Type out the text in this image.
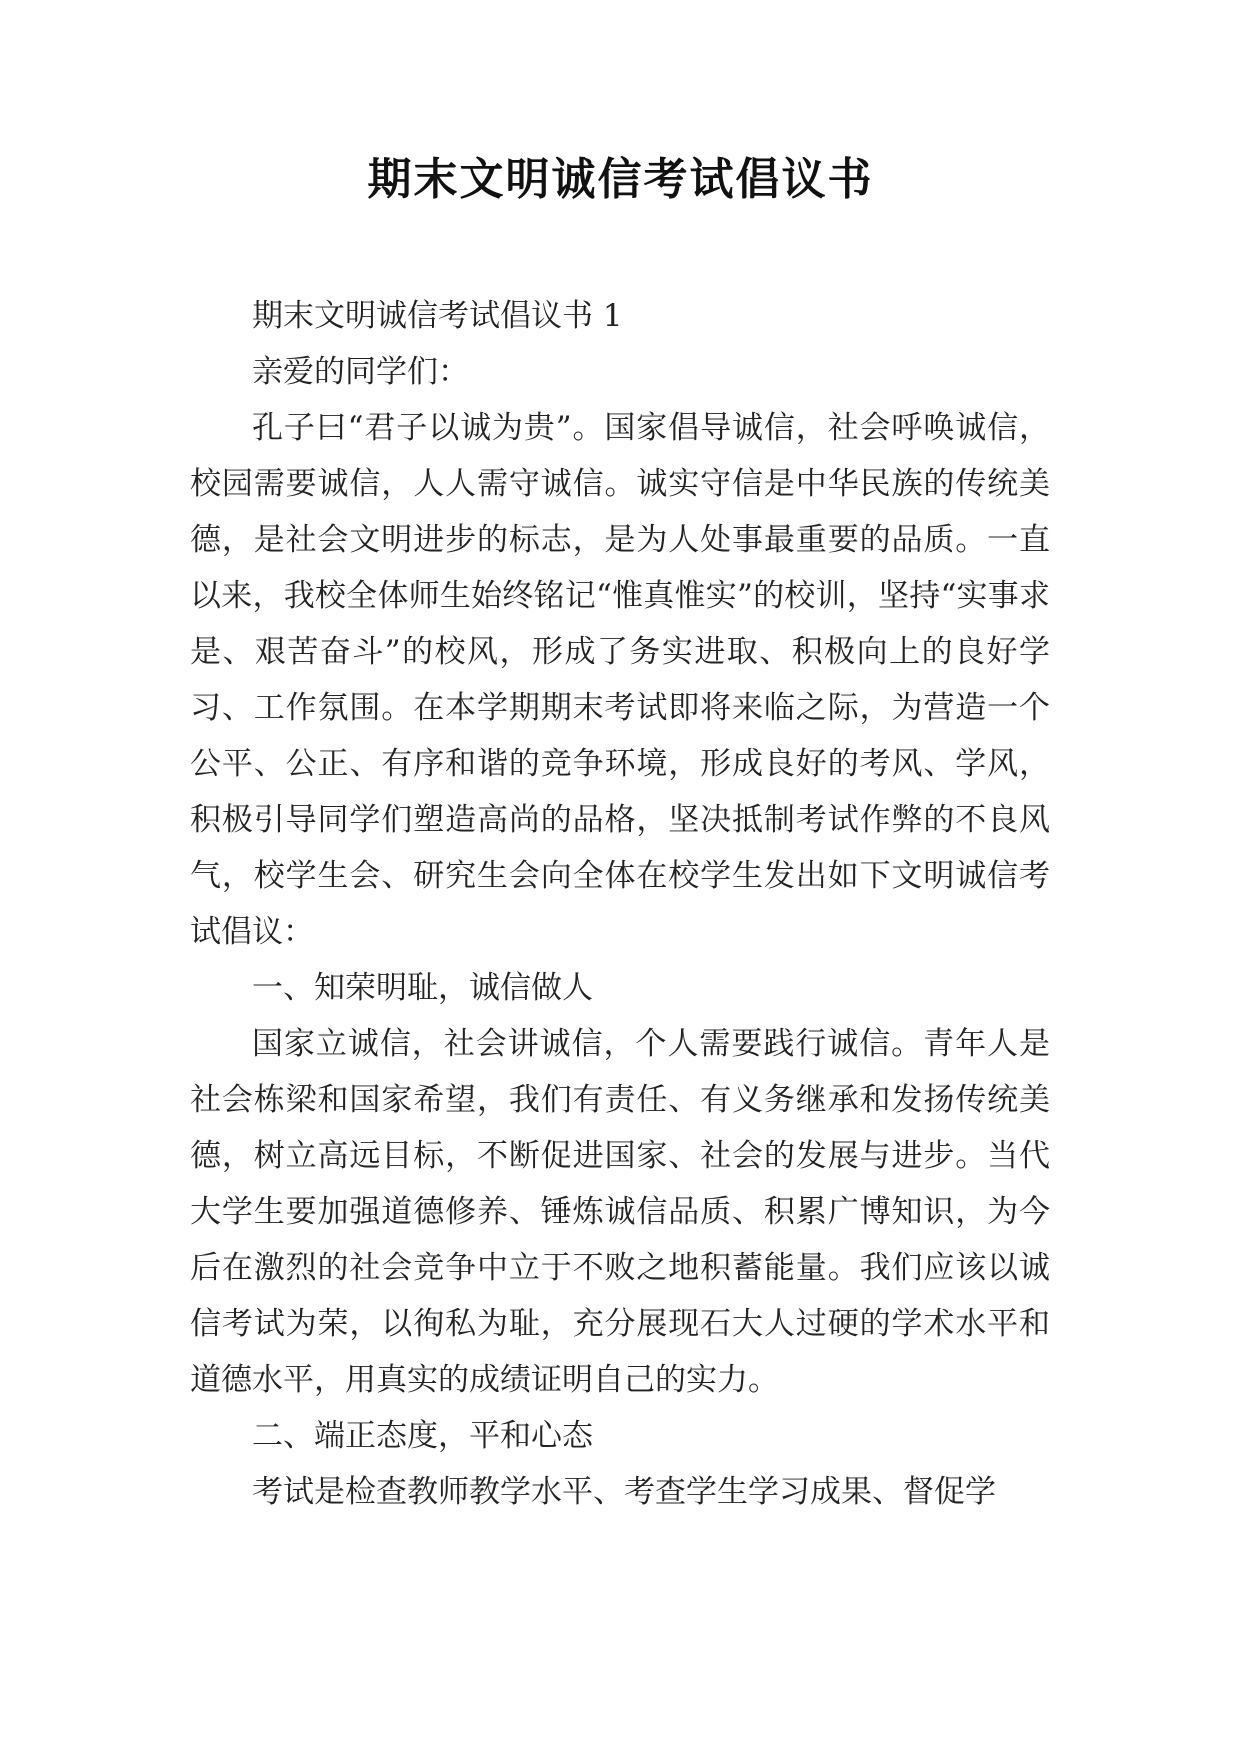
期末文明诚信考试倡议书

期末文明诚信考试倡议书 1

亲爱的同学们：

孔子曰“君子以诚为贵”。国家倡导诚信，社会呼唤诚信，校园需要诚信，人人需守诚信。诚实守信是中华民族的传统美德，是社会文明进步的标志，是为人处事最重要的品质。一直以来，我校全体师生始终铭记“惟真惟实”的校训，坚持“实事求是、艰苦奋斗”的校风，形成了务实进取、积极向上的良好学习、工作氛围。在本学期期末考试即将来临之际，为营造一个公平、公正、有序和谐的竞争环境，形成良好的考风、学风，积极引导同学们塑造高尚的品格，坚决抵制考试作弊的不良风气，校学生会、研究生会向全体在校学生发出如下文明诚信考试倡议：

一、知荣明耻，诚信做人

国家立诚信，社会讲诚信，个人需要践行诚信。青年人是社会栋梁和国家希望，我们有责任、有义务继承和发扬传统美德，树立高远目标，不断促进国家、社会的发展与进步。当代大学生要加强道德修养、锤炼诚信品质、积累广博知识，为今后在激烈的社会竞争中立于不败之地积蓄能量。我们应该以诚信考试为荣，以徇私为耻，充分展现石大人过硬的学术水平和道德水平，用真实的成绩证明自己的实力。

二、端正态度，平和心态

考试是检查教师教学水平、考查学生学习成果、督促学
